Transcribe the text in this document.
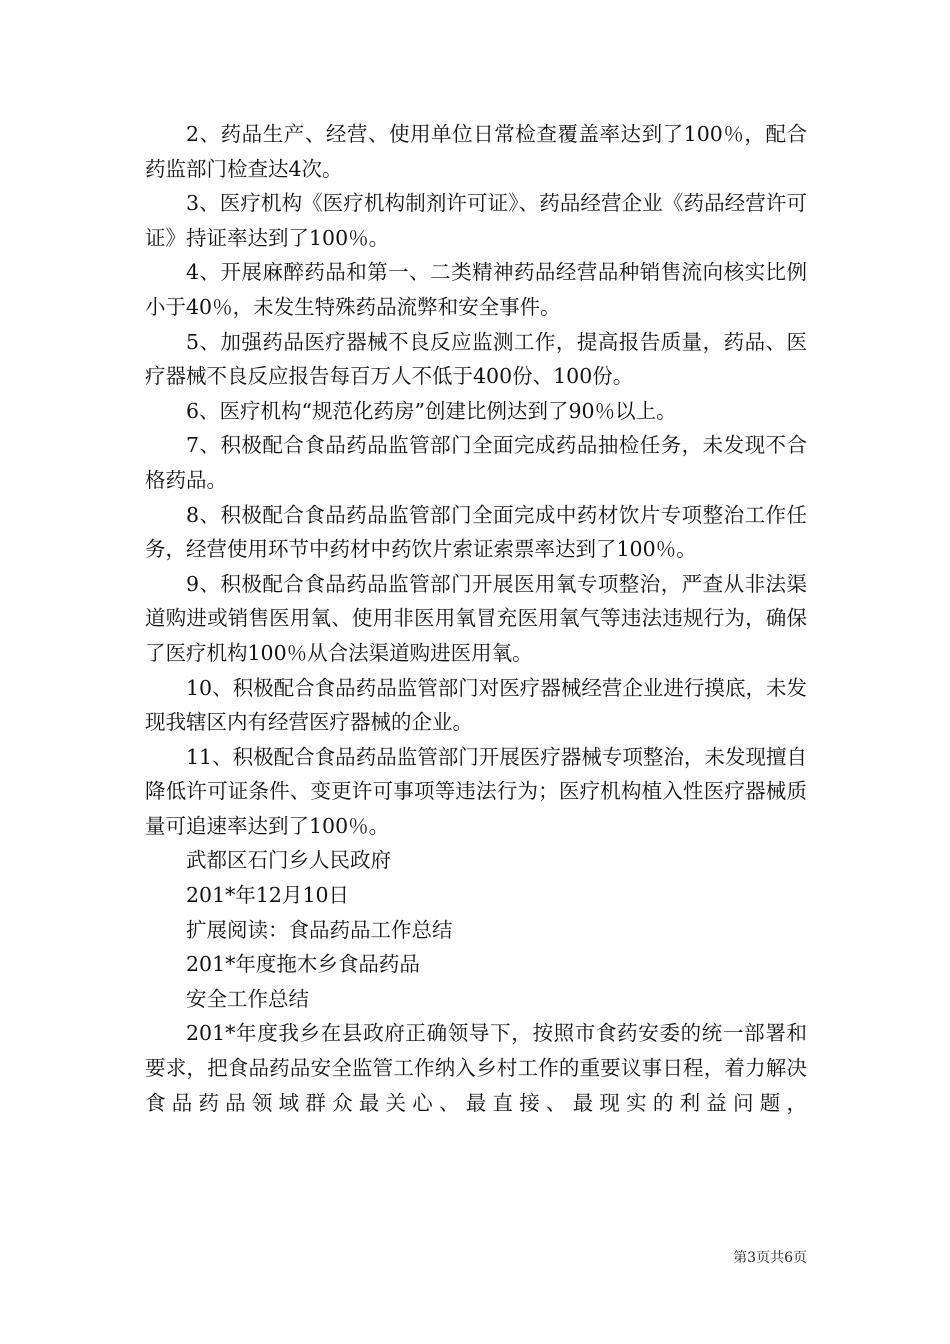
2、药品生产、经营、使用单位日常检查覆盖率达到了100％，配合药监部门检查达4次。

3、医疗机构《医疗机构制剂许可证》、药品经营企业《药品经营许可证》持证率达到了100％。

4、开展麻醉药品和第一、二类精神药品经营品种销售流向核实比例小于40％，未发生特殊药品流弊和安全事件。

5、加强药品医疗器械不良反应监测工作，提高报告质量，药品、医疗器械不良反应报告每百万人不低于400份、100份。

6、医疗机构“规范化药房”创建比例达到了90％以上。

7、积极配合食品药品监管部门全面完成药品抽检任务，未发现不合格药品。

8、积极配合食品药品监管部门全面完成中药材饮片专项整治工作任务，经营使用环节中药材中药饮片索证索票率达到了100％。

9、积极配合食品药品监管部门开展医用氧专项整治，严查从非法渠道购进或销售医用氧、使用非医用氧冒充医用氧气等违法违规行为，确保了医疗机构100％从合法渠道购进医用氧。

10、积极配合食品药品监管部门对医疗器械经营企业进行摸底，未发现我辖区内有经营医疗器械的企业。

11、积极配合食品药品监管部门开展医疗器械专项整治，未发现擅自降低许可证条件、变更许可事项等违法行为；医疗机构植入性医疗器械质量可追速率达到了100％。

武都区石门乡人民政府

201*年12月10日

扩展阅读：食品药品工作总结

201*年度拖木乡食品药品

安全工作总结

201*年度我乡在县政府正确领导下，按照市食药安委的统一部署和要求，把食品药品安全监管工作纳入乡村工作的重要议事日程，着力解决食品药品领域群众最关心、最直接、最现实的利益问题，

第3页共6页
